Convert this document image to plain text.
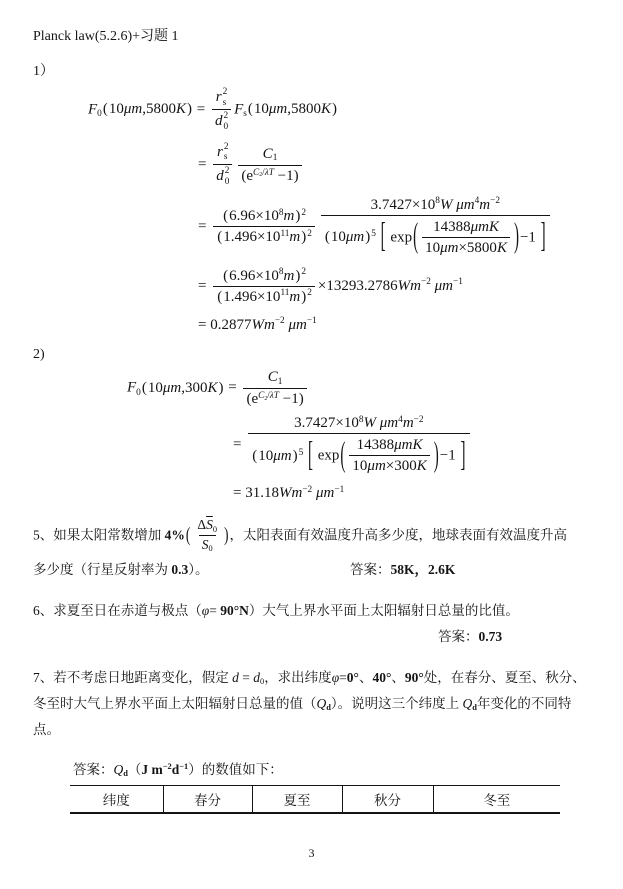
Planck law(5.2.6)+习题 1
1）
F0 ( 10μm,5800K ) = r 2
s
d 2
0 Fs ( 10μm,5800K )
= r 2
s
d 2
$0 \frac{C1}{(eC2/\lambda T -1)}$
= $\frac{( 6.96\times 108m ) 2}{( 1.496\times 1011m ) 2} \frac{\text{3.7427×108W μm4m−2}}{( 10\mu m ) 5 [ \exp ( \frac{\text{14388μmK}}{10\mu m\times 5800K} ) -1 ]}$
= $\frac{( 6.96\times 108m ) 2}{( 1.496\times 1011m ) 2} \times 13293.2786Wm-2$ μm−1
= 0.2877Wm−2 μm−1
2)
F0 ( 10μm,300K ) = $\frac{C1}{(eC2/\lambda T -1)}$
= $\frac{\text{3.7427×108W μm4m−2}}{( 10\mu m ) 5 [ \exp ( \frac{\text{14388μmK}}{10\mu m\times 300K} ) -1 ]}$
= 31.18Wm−2 μm−1
5、如果太阳常数增加 4% ( $\frac{\Delta\overline{S}0}{S0}$ ) ，太阳表面有效温度升高多少度，地球表面有效温度升高
多少度（行星反射率为 0.3）。	答案：58K，2.6K
6、求夏至日在赤道与极点（φ= 90°N）大气上界水平面上太阳辐射日总量的比值。
答案：0.73
7、若不考虑日地距离变化，假定 d = d0，求出纬度φ=0°、40°、90°处，在春分、夏至、秋分、冬至时大气上界水平面上太阳辐射日总量的值（Qd）。说明这三个纬度上 Qd年变化的不同特点。
答案：Qd（J m−2d−1）的数值如下：
纬度	春分	夏至	秋分	冬至
3
